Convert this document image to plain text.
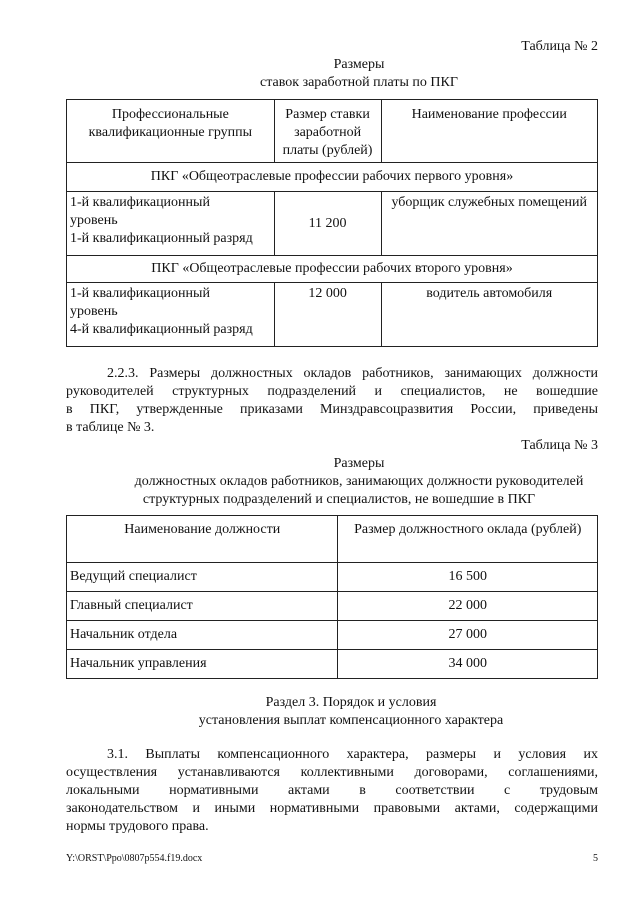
Таблица № 2
Размеры
ставок заработной платы по ПКГ
Профессиональные квалификационные группы	Размер ставки заработной платы (рублей)	Наименование профессии
ПКГ «Общеотраслевые профессии рабочих первого уровня»		

1-й квалификационный
уровень
1-й квалификационный разряд	11 200	уборщик служебных помещений
ПКГ «Общеотраслевые профессии рабочих второго уровня»		

1-й квалификационный
уровень
4-й квалификационный разряд	12 000	водитель автомобиля
2.2.3. Размеры должностных окладов работников, занимающих должности
руководителей структурных подразделений и специалистов, не вошедшие
в ПКГ, утвержденные приказами Минздравсоцразвития России, приведены
в таблице № 3.
Таблица № 3
Размеры
должностных окладов работников, занимающих должности руководителей
структурных подразделений и специалистов, не вошедшие в ПКГ
Наименование должности	Размер должностного оклада (рублей)
Ведущий специалист	16 500
Главный специалист	22 000
Начальник отдела	27 000
Начальник управления	34 000
Раздел 3. Порядок и условия
установления выплат компенсационного характера
3.1. Выплаты компенсационного характера, размеры и условия их
осуществления устанавливаются коллективными договорами, соглашениями,
локальными нормативными актами в соответствии с трудовым
законодательством и иными нормативными правовыми актами, содержащими
нормы трудового права.
Y:\ORST\Ppo\0807p554.f19.docx	5
